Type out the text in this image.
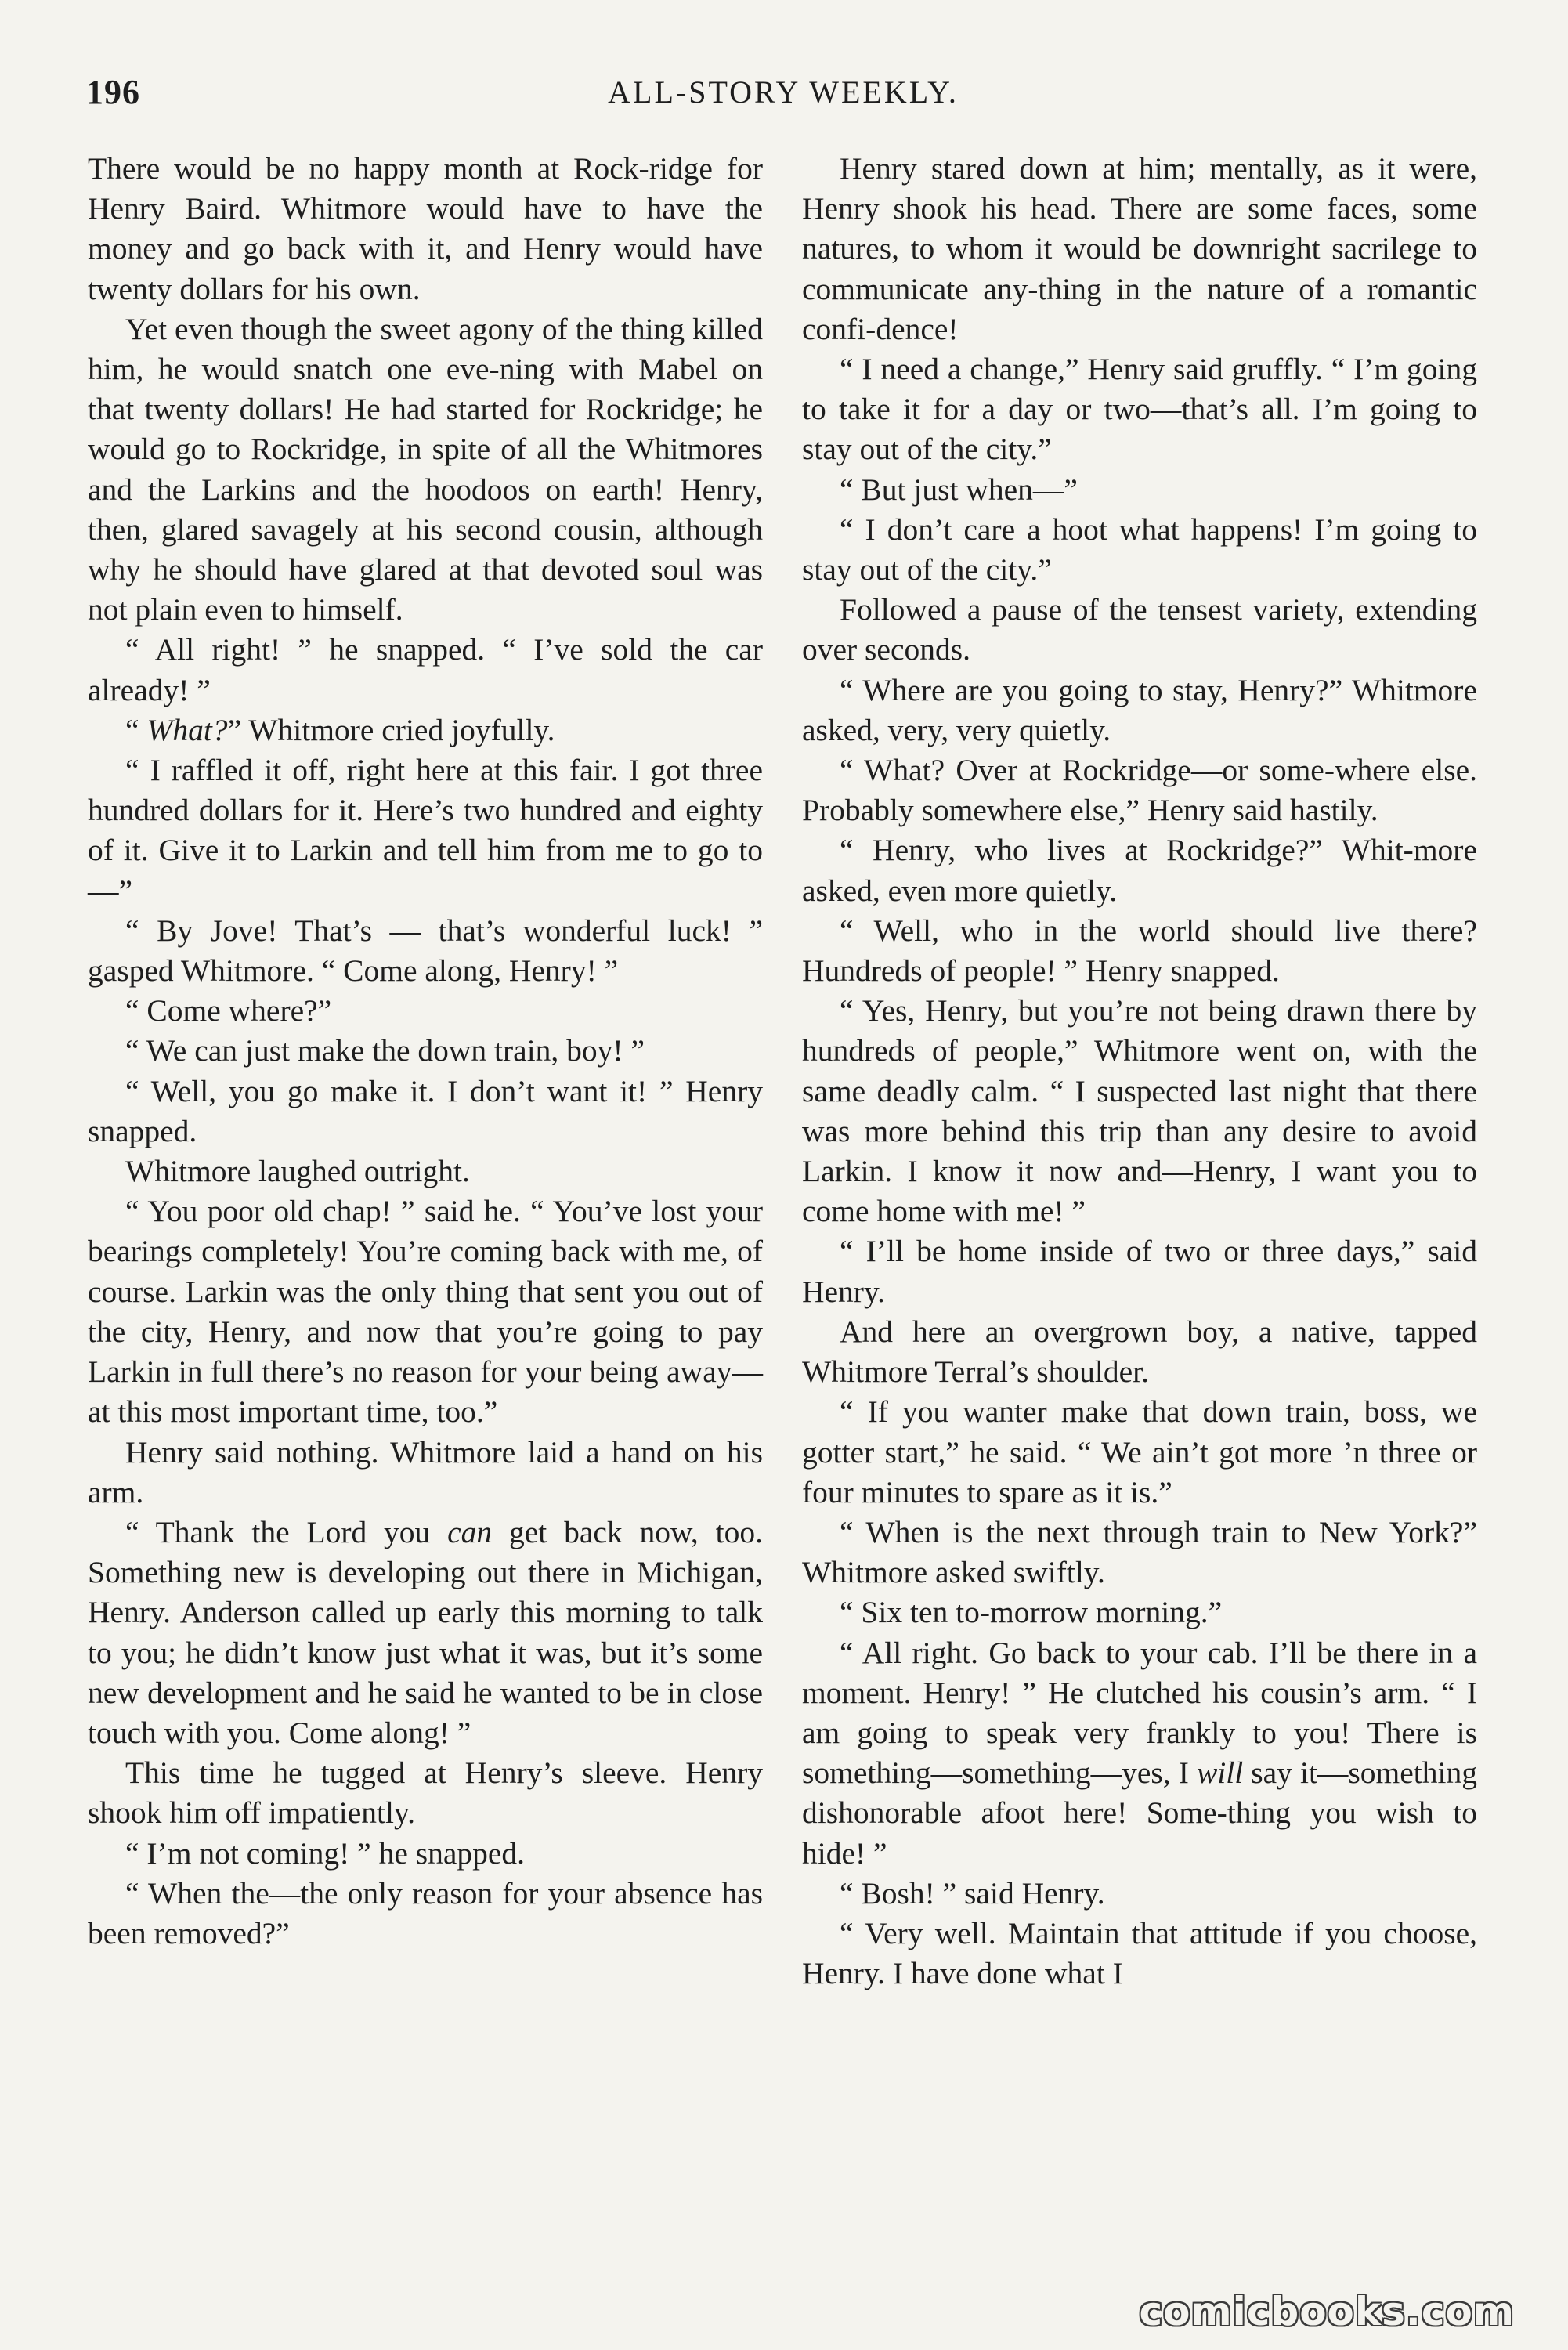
196	ALL-STORY WEEKLY.

There would be no happy month at Rock-ridge for Henry Baird. Whitmore would have to have the money and go back with it, and Henry would have twenty dollars for his own.

Yet even though the sweet agony of the thing killed him, he would snatch one eve-ning with Mabel on that twenty dollars! He had started for Rockridge; he would go to Rockridge, in spite of all the Whitmores and the Larkins and the hoodoos on earth! Henry, then, glared savagely at his second cousin, although why he should have glared at that devoted soul was not plain even to himself.

“ All right! ” he snapped. “ I’ve sold the car already! ”

“ What?” Whitmore cried joyfully.

“ I raffled it off, right here at this fair. I got three hundred dollars for it. Here’s two hundred and eighty of it. Give it to Larkin and tell him from me to go to—”

“ By Jove! That’s — that’s wonderful luck! ” gasped Whitmore. “ Come along, Henry! ”

“ Come where?”

“ We can just make the down train, boy! ”

“ Well, you go make it. I don’t want it! ” Henry snapped.

Whitmore laughed outright.

“ You poor old chap! ” said he. “ You’ve lost your bearings completely! You’re coming back with me, of course. Larkin was the only thing that sent you out of the city, Henry, and now that you’re going to pay Larkin in full there’s no reason for your being away—at this most important time, too.”

Henry said nothing. Whitmore laid a hand on his arm.

“ Thank the Lord you can get back now, too. Something new is developing out there in Michigan, Henry. Anderson called up early this morning to talk to you; he didn’t know just what it was, but it’s some new development and he said he wanted to be in close touch with you. Come along! ”

This time he tugged at Henry’s sleeve. Henry shook him off impatiently.

“ I’m not coming! ” he snapped.

“ When the—the only reason for your absence has been removed?”

Henry stared down at him; mentally, as it were, Henry shook his head. There are some faces, some natures, to whom it would be downright sacrilege to communicate any-thing in the nature of a romantic confi-dence!

“ I need a change,” Henry said gruffly. “ I’m going to take it for a day or two—that’s all. I’m going to stay out of the city.”

“ But just when—”

“ I don’t care a hoot what happens! I’m going to stay out of the city.”

Followed a pause of the tensest variety, extending over seconds.

“ Where are you going to stay, Henry?” Whitmore asked, very, very quietly.

“ What? Over at Rockridge—or some-where else. Probably somewhere else,” Henry said hastily.

“ Henry, who lives at Rockridge?” Whit-more asked, even more quietly.

“ Well, who in the world should live there? Hundreds of people! ” Henry snapped.

“ Yes, Henry, but you’re not being drawn there by hundreds of people,” Whitmore went on, with the same deadly calm. “ I suspected last night that there was more behind this trip than any desire to avoid Larkin. I know it now and—Henry, I want you to come home with me! ”

“ I’ll be home inside of two or three days,” said Henry.

And here an overgrown boy, a native, tapped Whitmore Terral’s shoulder.

“ If you wanter make that down train, boss, we gotter start,” he said. “ We ain’t got more ’n three or four minutes to spare as it is.”

“ When is the next through train to New York?” Whitmore asked swiftly.

“ Six ten to-morrow morning.”

“ All right. Go back to your cab. I’ll be there in a moment. Henry! ” He clutched his cousin’s arm. “ I am going to speak very frankly to you! There is something—something—yes, I will say it—something dishonorable afoot here! Some-thing you wish to hide! ”

“ Bosh! ” said Henry.

“ Very well. Maintain that attitude if you choose, Henry. I have done what I

comicbooks.com
